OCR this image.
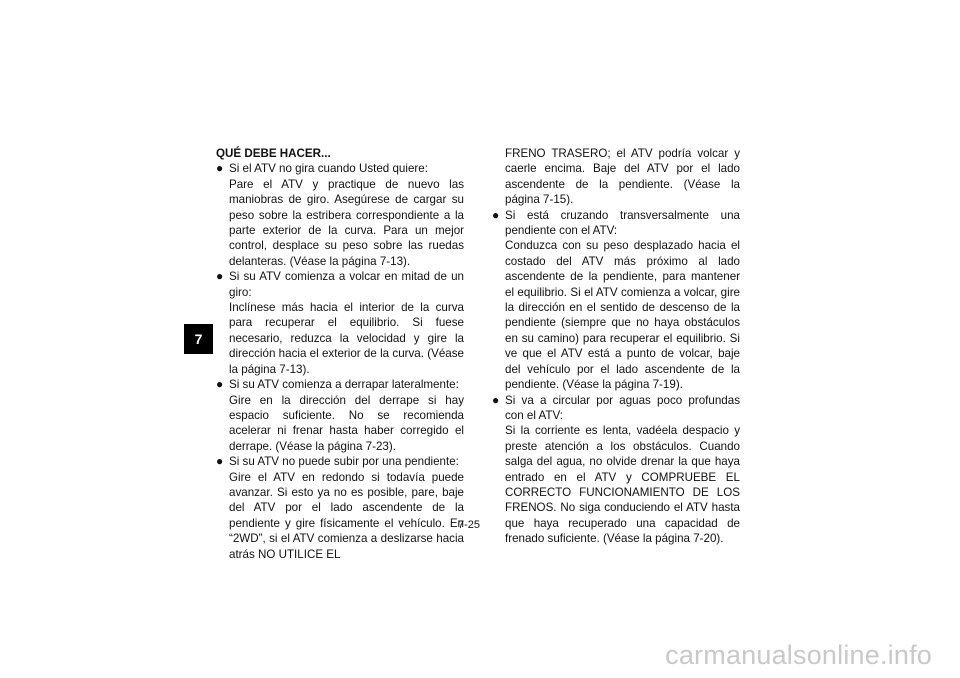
7

QUÉ DEBE HACER...

● Si el ATV no gira cuando Usted quiere:
Pare el ATV y practique de nuevo las maniobras de giro. Asegúrese de cargar su peso sobre la estribera correspondiente a la parte exterior de la curva. Para un mejor control, desplace su peso sobre las ruedas delanteras. (Véase la página 7-13).
● Si su ATV comienza a volcar en mitad de un giro:
Inclínese más hacia el interior de la curva para recuperar el equilibrio. Si fuese necesario, reduzca la velocidad y gire la dirección hacia el exterior de la curva. (Véase la página 7-13).
● Si su ATV comienza a derrapar lateralmente:
Gire en la dirección del derrape si hay espacio suficiente. No se recomienda acelerar ni frenar hasta haber corregido el derrape. (Véase la página 7-23).
● Si su ATV no puede subir por una pendiente:
Gire el ATV en redondo si todavía puede avanzar. Si esto ya no es posible, pare, baje del ATV por el lado ascendente de la pendiente y gire físicamente el vehículo. En “2WD”, si el ATV comienza a deslizarse hacia atrás NO UTILICE EL
FRENO TRASERO; el ATV podría volcar y caerle encima. Baje del ATV por el lado ascendente de la pendiente. (Véase la página 7-15).
● Si está cruzando transversalmente una pendiente con el ATV:
Conduzca con su peso desplazado hacia el costado del ATV más próximo al lado ascendente de la pendiente, para mantener el equilibrio. Si el ATV comienza a volcar, gire la dirección en el sentido de descenso de la pendiente (siempre que no haya obstáculos en su camino) para recuperar el equilibrio. Si ve que el ATV está a punto de volcar, baje del vehículo por el lado ascendente de la pendiente. (Véase la página 7-19).
● Si va a circular por aguas poco profundas con el ATV:
Si la corriente es lenta, vadéela despacio y preste atención a los obstáculos. Cuando salga del agua, no olvide drenar la que haya entrado en el ATV y COMPRUEBE EL CORRECTO FUNCIONAMIENTO DE LOS FRENOS. No siga conduciendo el ATV hasta que haya recuperado una capacidad de frenado suficiente. (Véase la página 7-20).
7-25
carmanualsonline.info
